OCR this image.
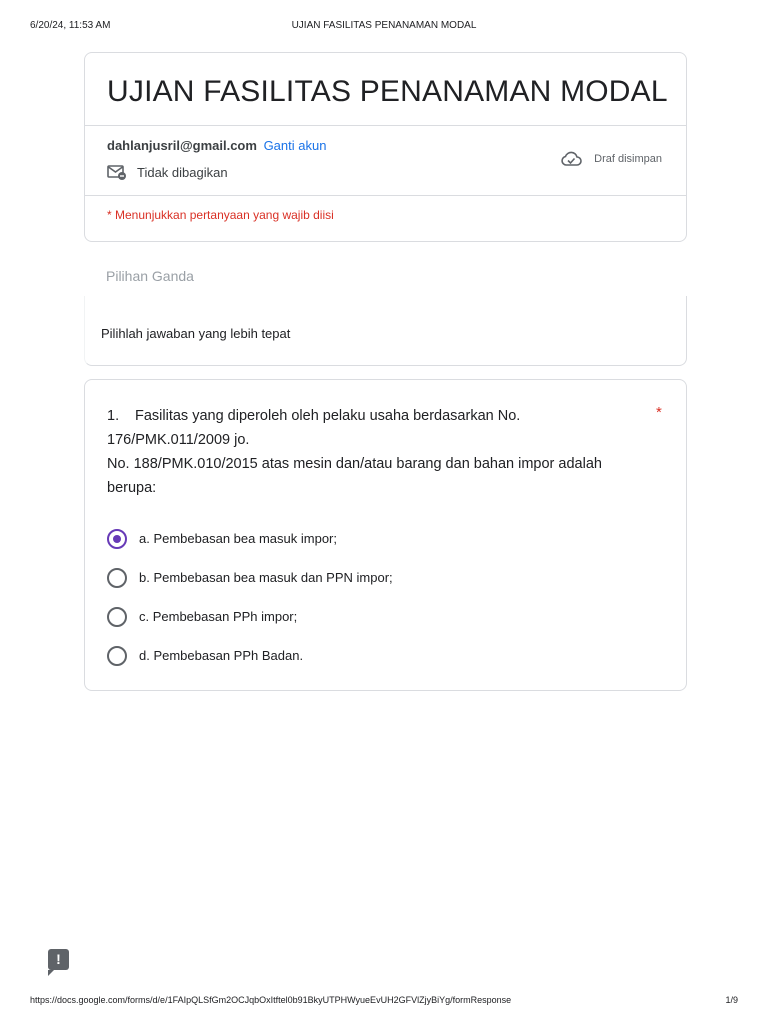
6/20/24, 11:53 AM	UJIAN FASILITAS PENANAMAN MODAL
UJIAN FASILITAS PENANAMAN MODAL
dahlanjusril@gmail.com Ganti akun
Tidak dibagikan
Draf disimpan
* Menunjukkan pertanyaan yang wajib diisi
Pilihan Ganda
Pilihlah jawaban yang lebih tepat
1. Fasilitas yang diperoleh oleh pelaku usaha berdasarkan No.
176/PMK.011/2009 jo.
No. 188/PMK.010/2015 atas mesin dan/atau barang dan bahan impor adalah
berupa:
*
a. Pembebasan bea masuk impor;
b. Pembebasan bea masuk dan PPN impor;
c. Pembebasan PPh impor;
d. Pembebasan PPh Badan.
!
https://docs.google.com/forms/d/e/1FAIpQLSfGm2OCJqbOxItftel0b91BkyUTPHWyueEvUH2GFVlZjyBiYg/formResponse	1/9
